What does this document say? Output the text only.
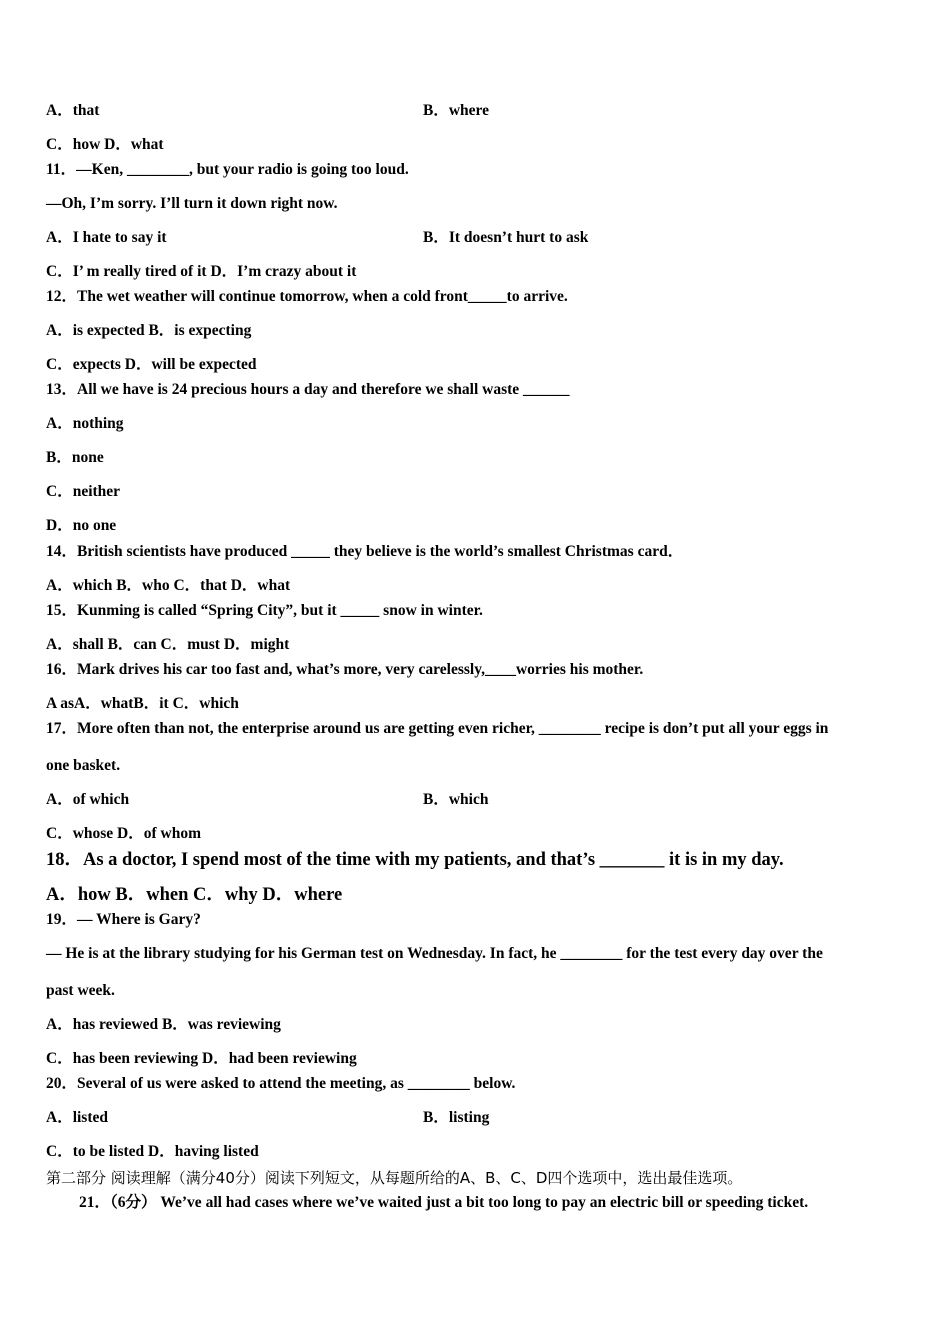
A．that	B．where
C．how D．what
11．—Ken, ________, but your radio is going too loud.
—Oh, I’m sorry. I’ll turn it down right now.
A．I hate to say it	B．It doesn’t hurt to ask
C．I’ m really tired of it D．I’m crazy about it
12．The wet weather will continue tomorrow, when a cold front_____to arrive.
A．is expected B．is expecting
C．expects D．will be expected
13．All we have is 24 precious hours a day and therefore we shall waste ______
A．nothing
B．none
C．neither
D．no one
14．British scientists have produced _____ they believe is the world’s smallest Christmas card．
A．which B．who C．that D．what
15．Kunming is called “Spring City”, but it _____ snow in winter.
A．shall B．can C．must D．might
16．Mark drives his car too fast and, what’s more, very carelessly,____worries his mother.
A asA．whatB．it C．which
17．More often than not, the enterprise around us are getting even richer, ________ recipe is don’t put all your eggs in
one basket.
A．of which	B．which
C．whose D．of whom
18．As a doctor, I spend most of the time with my patients, and that’s _______ it is in my day.
A．how B．when C．why D．where
19．— Where is Gary?
— He is at the library studying for his German test on Wednesday. In fact, he ________ for the test every day over the
past week.
A．has reviewed B．was reviewing
C．has been reviewing D．had been reviewing
20．Several of us were asked to attend the meeting, as ________ below.
A．listed	B．listing
C．to be listed D．having listed
第二部分 阅读理解（满分40分）阅读下列短文，从每题所给的A、B、C、D四个选项中，选出最佳选项。
21．（6分） We’ve all had cases where we’ve waited just a bit too long to pay an electric bill or speeding ticket.
